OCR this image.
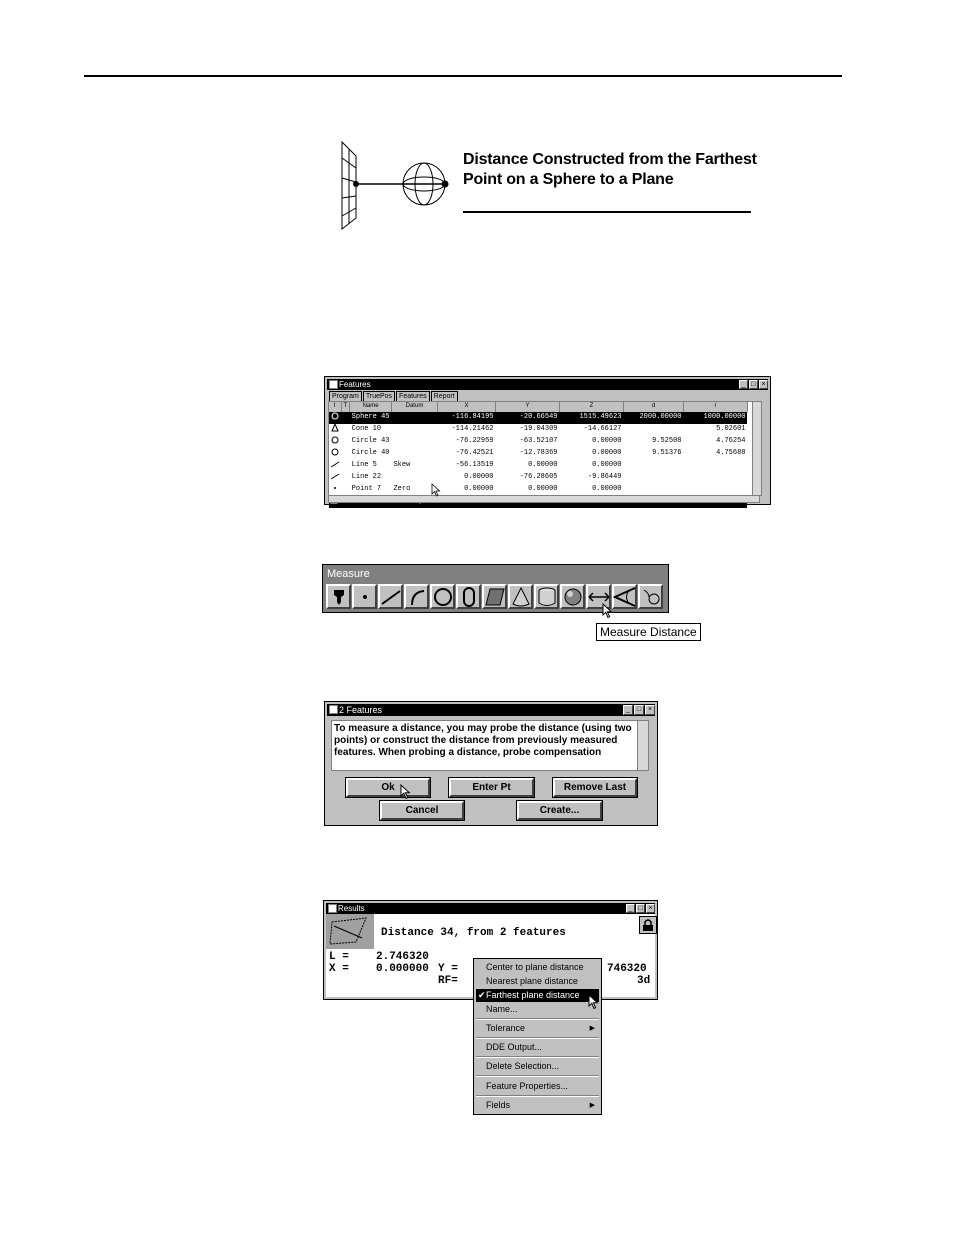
Distance Constructed from the Farthest Point on a Sphere to a Plane
Features	_ □ ×
Program	TruePos	Features	Report
I	T	Name	Datum	X	Y	Z	d	r
		Sphere 45		-116.84195	-20.66549	1515.49623	2000.00000	1000.00000
		Cone 10		-114.21462	-19.04309	-14.66127		5.02601
		Circle 43		-76.22959	-63.52107	0.00000	9.52508	4.76254
		Circle 40		-76.42521	-12.78369	0.00000	9.51376	4.75688
		Line 5	Skew	-56.13519	0.00000	0.00000		
		Line 22		0.00000	-76.28605	-9.86449		
		Point 7	Zero	0.00000	0.00000	0.00000		

Measure
Measure Distance
2 Features	_ □ ×
To measure a distance, you may probe the distance (using two points) or construct the distance from previously measured features. When probing a distance, probe compensation
Ok	Enter Pt	Remove Last
Cancel	Create...
Results	_ □ ×
Distance 34, from 2 features
L = 2.746320
X = 0.000000 Y =	746320
RF=	3d
Center to plane distance
Nearest plane distance
✔ Farthest plane distance
Name...
Tolerance	▶
DDE Output...
Delete Selection...
Feature Properties...
Fields	▶
